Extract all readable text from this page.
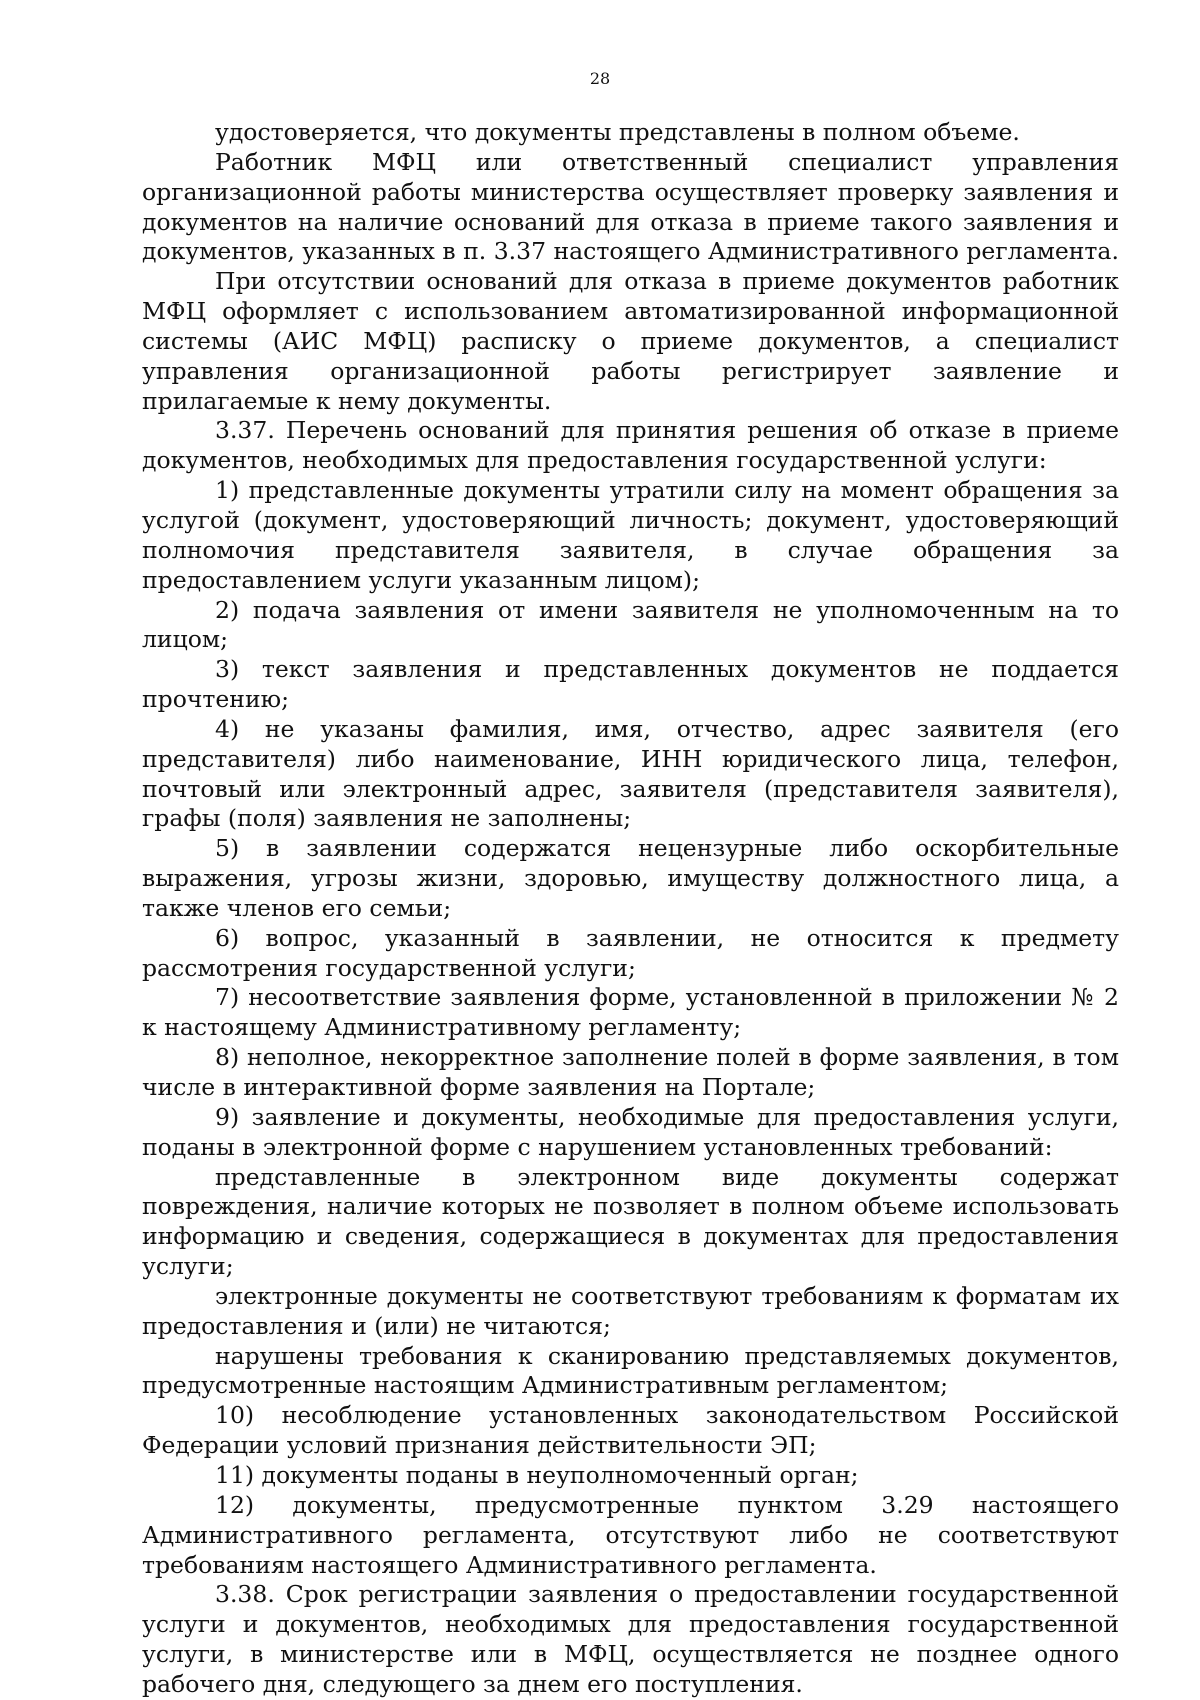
28

удостоверяется, что документы представлены в полном объеме.

Работник МФЦ или ответственный специалист управления организационной работы министерства осуществляет проверку заявления и документов на наличие оснований для отказа в приеме такого заявления и документов, указанных в п. 3.37 настоящего Административного регламента.

При отсутствии оснований для отказа в приеме документов работник МФЦ оформляет с использованием автоматизированной информационной системы (АИС МФЦ) расписку о приеме документов, а специалист управления организационной работы регистрирует заявление и прилагаемые к нему документы.

3.37. Перечень оснований для принятия решения об отказе в приеме документов, необходимых для предоставления государственной услуги:

1) представленные документы утратили силу на момент обращения за услугой (документ, удостоверяющий личность; документ, удостоверяющий полномочия представителя заявителя, в случае обращения за предоставлением услуги указанным лицом);

2) подача заявления от имени заявителя не уполномоченным на то лицом;

3) текст заявления и представленных документов не поддается прочтению;

4) не указаны фамилия, имя, отчество, адрес заявителя (его представителя) либо наименование, ИНН юридического лица, телефон, почтовый или электронный адрес, заявителя (представителя заявителя), графы (поля) заявления не заполнены;

5) в заявлении содержатся нецензурные либо оскорбительные выражения, угрозы жизни, здоровью, имуществу должностного лица, а также членов его семьи;

6) вопрос, указанный в заявлении, не относится к предмету рассмотрения государственной услуги;

7) несоответствие заявления форме, установленной в приложении № 2 к настоящему Административному регламенту;

8) неполное, некорректное заполнение полей в форме заявления, в том числе в интерактивной форме заявления на Портале;

9) заявление и документы, необходимые для предоставления услуги, поданы в электронной форме с нарушением установленных требований:

представленные в электронном виде документы содержат повреждения, наличие которых не позволяет в полном объеме использовать информацию и сведения, содержащиеся в документах для предоставления услуги;

электронные документы не соответствуют требованиям к форматам их предоставления и (или) не читаются;

нарушены требования к сканированию представляемых документов, предусмотренные настоящим Административным регламентом;

10) несоблюдение установленных законодательством Российской Федерации условий признания действительности ЭП;

11) документы поданы в неуполномоченный орган;

12) документы, предусмотренные пунктом 3.29 настоящего Административного регламента, отсутствуют либо не соответствуют требованиям настоящего Административного регламента.

3.38. Срок регистрации заявления о предоставлении государственной услуги и документов, необходимых для предоставления государственной услуги, в министерстве или в МФЦ, осуществляется не позднее одного рабочего дня, следующего за днем его поступления.
